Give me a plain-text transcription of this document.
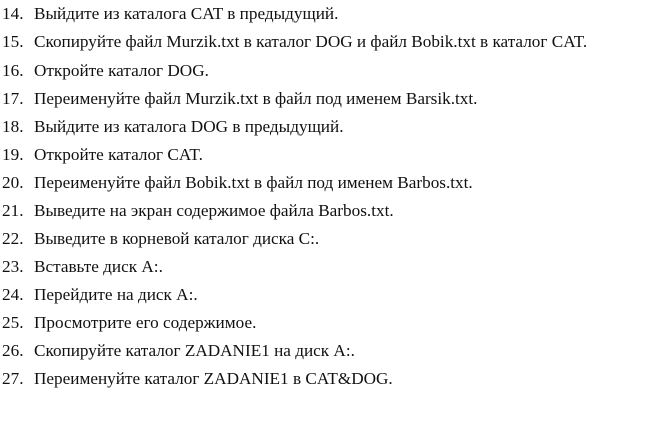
14. Выйдите из каталога CAT в предыдущий.
15. Скопируйте файл Murzik.txt в каталог DOG и файл Bobik.txt в каталог CAT.
16. Откройте каталог DOG.
17. Переименуйте файл Murzik.txt в файл под именем Barsik.txt.
18. Выйдите из каталога DOG в предыдущий.
19. Откройте каталог CAT.
20. Переименуйте файл Bobik.txt в файл под именем Barbos.txt.
21. Выведите на экран содержимое файла Barbos.txt.
22. Выведите в корневой каталог диска C:.
23. Вставьте диск A:.
24. Перейдите на диск A:.
25. Просмотрите его содержимое.
26. Скопируйте каталог ZADANIE1 на диск A:.
27. Переименуйте каталог ZADANIE1 в CAT&DOG.
